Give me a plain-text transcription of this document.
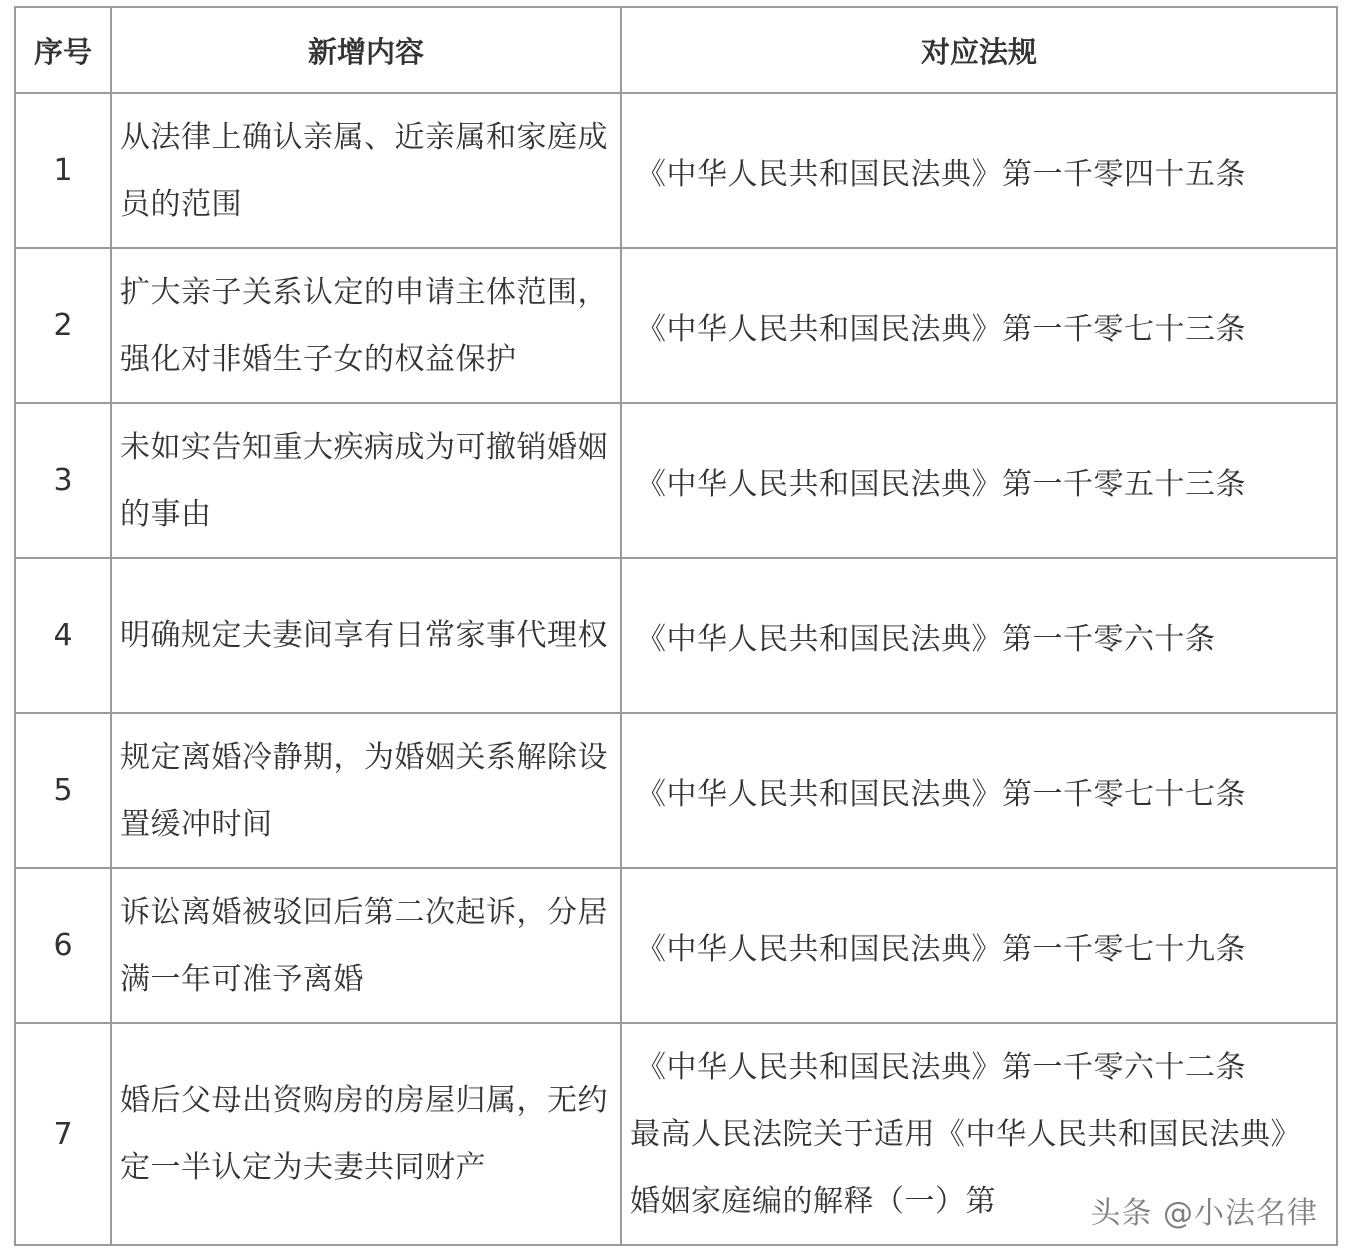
序号	新增内容	对应法规
1	从法律上确认亲属、近亲属和家庭成员的范围	《中华人民共和国民法典》第一千零四十五条
2	扩大亲子关系认定的申请主体范围，强化对非婚生子女的权益保护	《中华人民共和国民法典》第一千零七十三条
3	未如实告知重大疾病成为可撤销婚姻的事由	《中华人民共和国民法典》第一千零五十三条
4	明确规定夫妻间享有日常家事代理权	《中华人民共和国民法典》第一千零六十条
5	规定离婚冷静期，为婚姻关系解除设置缓冲时间	《中华人民共和国民法典》第一千零七十七条
6	诉讼离婚被驳回后第二次起诉，分居满一年可准予离婚	《中华人民共和国民法典》第一千零七十九条
7	婚后父母出资购房的房屋归属，无约定一半认定为夫妻共同财产	《中华人民共和国民法典》第一千零六十二条
最高人民法院关于适用《中华人民共和国民法典》婚姻家庭编的解释（一）第	头条 @小法名律
